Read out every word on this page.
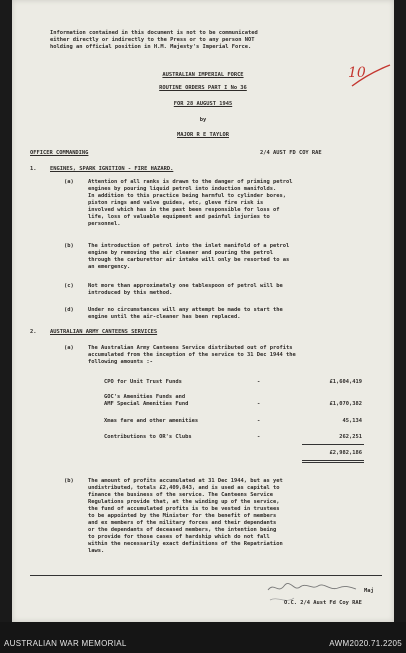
Information contained in this document is not to be communicated

either directly or indirectly to the Press or to any person NOT

holding an official position in H.M. Majesty's Imperial Force.

AUSTRALIAN IMPERIAL FORCE

ROUTINE ORDERS PART I No 36

FOR 28 AUGUST 1945

by

MAJOR R E TAYLOR

OFFICER COMMANDING	2/4 AUST FD COY RAE

10

1.	ENGINES, SPARK IGNITION - FIRE HAZARD.

(a)	Attention of all ranks is drawn to the danger of priming petrol

engines by pouring liquid petrol into induction manifolds.

In addition to this practice being harmful to cylinder bores,

piston rings and valve guides, etc, gleve fire risk is

involved which has in the past been responsible for loss of

life, loss of valuable equipment and painful injuries to

personnel.

(b)	The introduction of petrol into the inlet manifold of a petrol

engine by removing the air cleaner and pouring the petrol

through the carburettor air intake will only be resorted to as

an emergency.

(c)	Not more than approximately one tablespoon of petrol will be

introduced by this method.

(d)	Under no circumstances will any attempt be made to start the

engine until the air-cleaner has been replaced.

2.	AUSTRALIAN ARMY CANTEENS SERVICES

(a)	The Australian Army Canteens Service distributed out of profits

accumulated from the inception of the service to 31 Dec 1944 the

following amounts :-

CPO for Unit Trust Funds	-	£1,604,419

GOC's Amenities Funds and

AMF Special Amenities Fund	-	£1,070,382

Xmas fare and other amenities	-	45,134

Contributions to OR's Clubs	-	262,251

£2,982,186

(b)	The amount of profits accumulated at 31 Dec 1944, but as yet

undistributed, totals £2,409,843, and is used as capital to

finance the business of the service. The Canteens Service

Regulations provide that, at the winding up of the service,

the fund of accumulated profits is to be vested in trustees

to be appointed by the Minister for the benefit of members

and ex members of the military forces and their dependants

or the dependants of deceased members, the intention being

to provide for those cases of hardship which do not fall

within the necessarily exact definitions of the Repatriation

laws.

Maj

O.C. 2/4 Aust Fd Coy RAE

AUSTRALIAN WAR MEMORIAL	AWM2020.71.2205
